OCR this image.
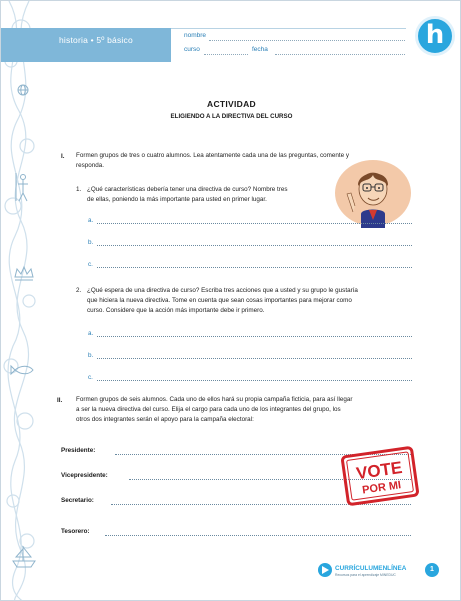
historia • 5º básico	nombre
curso	fecha	h
ACTIVIDAD
ELIGIENDO A LA DIRECTIVA DEL CURSO
I. Formen grupos de tres o cuatro alumnos. Lea atentamente cada una de las preguntas, comente y
responda.
1. ¿Qué características debería tener una directiva de curso? Nombre tres
de ellas, poniendo la más importante para usted en primer lugar.
a.
b.
c.
2. ¿Qué espera de una directiva de curso? Escriba tres acciones que a usted y su grupo le gustaría
que hiciera la nueva directiva. Tome en cuenta que sean cosas importantes para mejorar como
curso. Considere que la acción más importante debe ir primero.
a.
b.
c.
II. Formen grupos de seis alumnos. Cada uno de ellos hará su propia campaña ficticia, para así llegar
a ser la nueva directiva del curso. Elija el cargo para cada uno de los integrantes del grupo, los
otros dos integrantes serán el apoyo para la campaña electoral:
Presidente:
Vicepresidente:
Secretario:
Tesorero:
VOTE
POR MI
CURRÍCULUMENLÍNEA
Recursos para el aprendizaje MINEDUC
1
